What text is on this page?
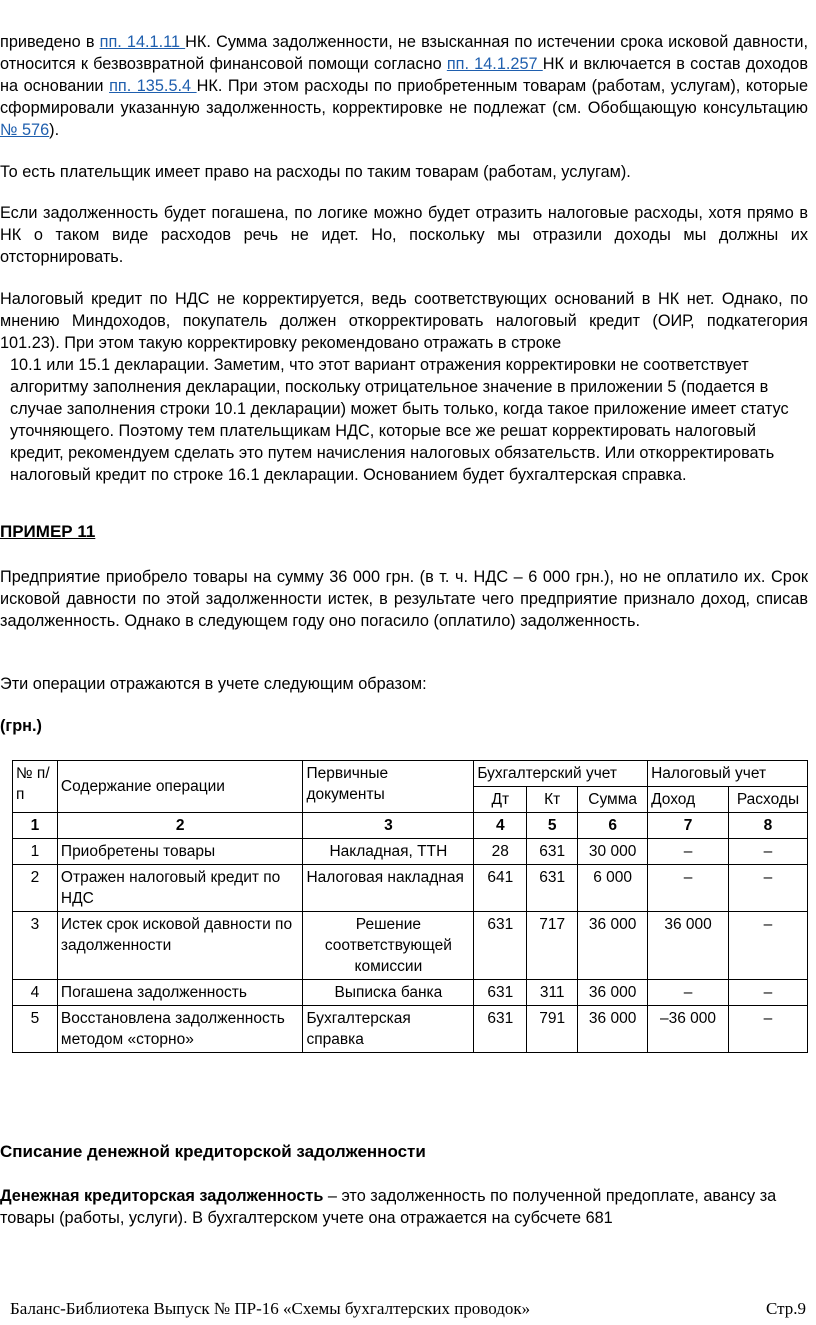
приведено в пп. 14.1.11 НК. Сумма задолженности, не взысканная по истечении срока исковой давности, относится к безвозвратной финансовой помощи согласно пп. 14.1.257 НК и включается в состав доходов на основании пп. 135.5.4 НК. При этом расходы по приобретенным товарам (работам, услугам), которые сформировали указанную задолженность, корректировке не подлежат (см. Обобщающую консультацию № 576).

То есть плательщик имеет право на расходы по таким товарам (работам, услугам).

Если задолженность будет погашена, по логике можно будет отразить налоговые расходы, хотя прямо в НК о таком виде расходов речь не идет. Но, поскольку мы отразили доходы мы должны их отсторнировать.

Налоговый кредит по НДС не корректируется, ведь соответствующих оснований в НК нет. Однако, по мнению Миндоходов, покупатель должен откорректировать налоговый кредит (ОИР, подкатегория 101.23). При этом такую корректировку рекомендовано отражать в строке

10.1 или 15.1 декларации. Заметим, что этот вариант отражения корректировки не соответствует алгоритму заполнения декларации, поскольку отрицательное значение в приложении 5 (подается в случае заполнения строки 10.1 декларации) может быть только, когда такое приложение имеет статус уточняющего. Поэтому тем плательщикам НДС, которые все же решат корректировать налоговый кредит, рекомендуем сделать это путем начисления налоговых обязательств. Или откорректировать налоговый кредит по строке 16.1 декларации. Основанием будет бухгалтерская справка.

ПРИМЕР 11

Предприятие приобрело товары на сумму 36 000 грн. (в т. ч. НДС – 6 000 грн.), но не оплатило их. Срок исковой давности по этой задолженности истек, в результате чего предприятие признало доход, списав задолженность. Однако в следующем году оно погасило (оплатило) задолженность.

Эти операции отражаются в учете следующим образом:

(грн.)

№ п/п	Содержание операции	Первичные документы	Бухгалтерский учет			Налоговый учет	
			Дт	Кт	Сумма	Доход	Расходы
1	2	3	4	5	6	7	8
1	Приобретены товары	Накладная, ТТН	28	631	30 000	–	–
2	Отражен налоговый кредит по НДС	Налоговая накладная	641	631	6 000	–	–
3	Истек срок исковой давности по задолженности	Решение соответствующей комиссии	631	717	36 000	36 000	–
4	Погашена задолженность	Выписка банка	631	311	36 000	–	–
5	Восстановлена задолженность методом «сторно»	Бухгалтерская справка	631	791	36 000	–36 000	–
Списание денежной кредиторской задолженности

Денежная кредиторская задолженность – это задолженность по полученной предоплате, авансу за товары (работы, услуги). В бухгалтерском учете она отражается на субсчете 681

Баланс-Библиотека Выпуск № ПР-16 «Схемы бухгалтерских проводок»	Стр.9
